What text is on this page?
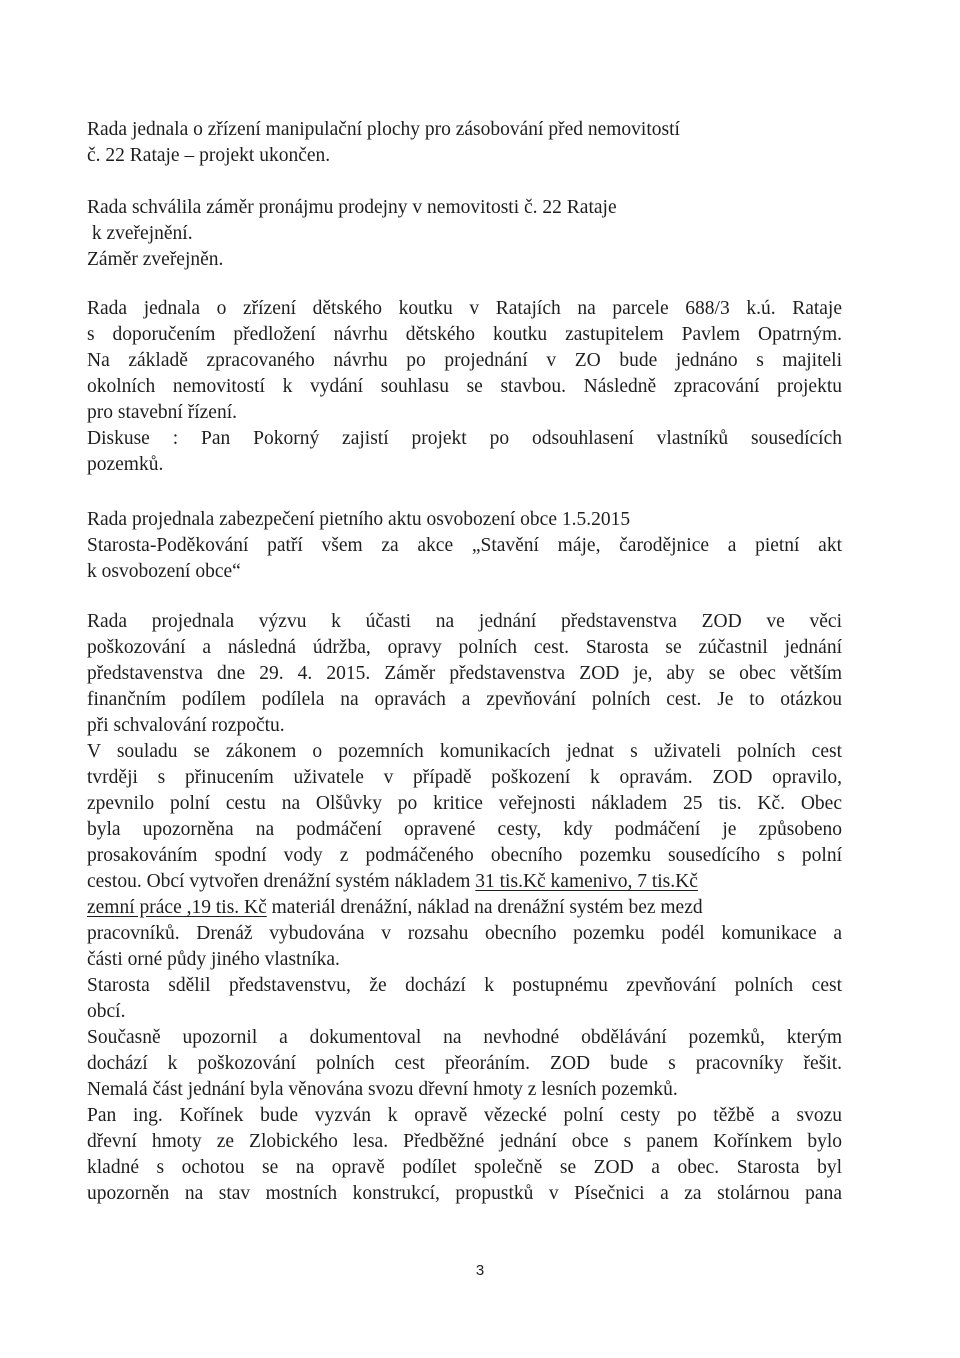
Rada jednala o zřízení manipulační plochy pro zásobování před nemovitostí
č. 22 Rataje – projekt ukončen.
Rada schválila záměr pronájmu prodejny v nemovitosti č. 22 Rataje
k zveřejnění.
Záměr zveřejněn.
Rada jednala o zřízení dětského koutku v Ratajích na parcele 688/3 k.ú. Rataje
s doporučením předložení návrhu dětského koutku zastupitelem Pavlem Opatrným.
Na základě zpracovaného návrhu po projednání v ZO bude jednáno s majiteli
okolních nemovitostí k vydání souhlasu se stavbou. Následně zpracování projektu
pro stavební řízení.
Diskuse : Pan Pokorný zajistí projekt po odsouhlasení vlastníků sousedících
pozemků.
Rada projednala zabezpečení pietního aktu osvobození obce 1.5.2015
Starosta-Poděkování patří všem za akce „Stavění máje, čarodějnice a pietní akt
k osvobození obce“
Rada projednala výzvu k účasti na jednání představenstva ZOD ve věci
poškozování a následná údržba, opravy polních cest. Starosta se zúčastnil jednání
představenstva dne 29. 4. 2015. Záměr představenstva ZOD je, aby se obec větším
finančním podílem podílela na opravách a zpevňování polních cest. Je to otázkou
při schvalování rozpočtu.
V souladu se zákonem o pozemních komunikacích jednat s uživateli polních cest
tvrději s přinucením uživatele v případě poškození k opravám. ZOD opravilo,
zpevnilo polní cestu na Olšůvky po kritice veřejnosti nákladem 25 tis. Kč. Obec
byla upozorněna na podmáčení opravené cesty, kdy podmáčení je způsobeno
prosakováním spodní vody z podmáčeného obecního pozemku sousedícího s polní
cestou. Obcí vytvořen drenážní systém nákladem 31 tis.Kč kamenivo, 7 tis.Kč
zemní práce ,19 tis. Kč materiál drenážní, náklad na drenážní systém bez mezd
pracovníků. Drenáž vybudována v rozsahu obecního pozemku podél komunikace a
části orné půdy jiného vlastníka.
Starosta sdělil představenstvu, že dochází k postupnému zpevňování polních cest
obcí.
Současně upozornil a dokumentoval na nevhodné obdělávání pozemků, kterým
dochází k poškozování polních cest přeoráním. ZOD bude s pracovníky řešit.
Nemalá část jednání byla věnována svozu dřevní hmoty z lesních pozemků.
Pan ing. Kořínek bude vyzván k opravě vězecké polní cesty po těžbě a svozu
dřevní hmoty ze Zlobického lesa. Předběžné jednání obce s panem Kořínkem bylo
kladné s ochotou se na opravě podílet společně se ZOD a obec. Starosta byl
upozorněn na stav mostních konstrukcí, propustků v Písečnici a za stolárnou pana
3
